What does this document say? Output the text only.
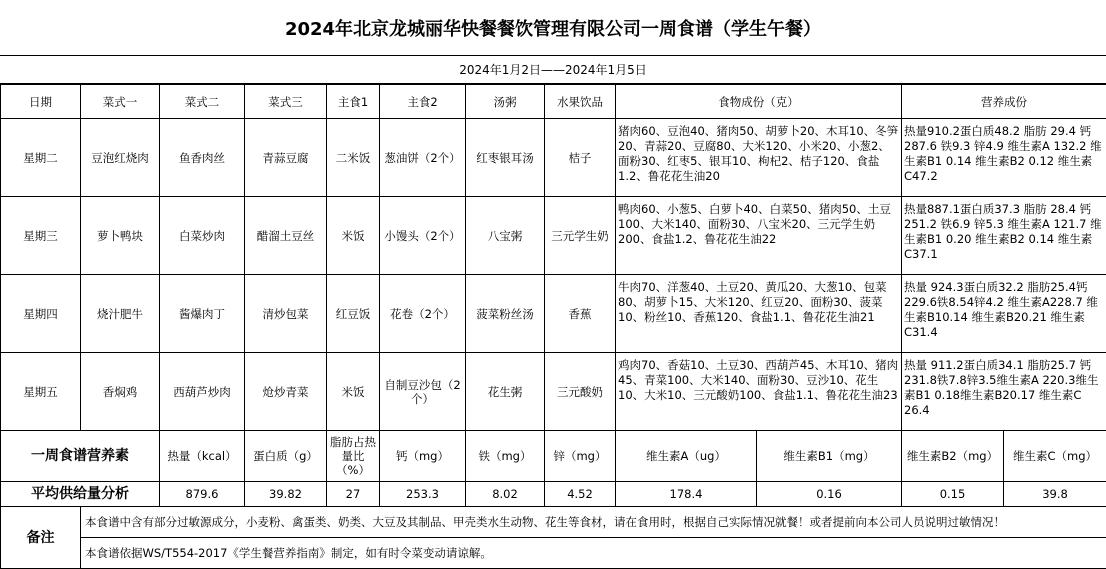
2024年北京龙城丽华快餐餐饮管理有限公司一周食谱（学生午餐）
2024年1月2日——2024年1月5日
日期	菜式一	菜式二	菜式三	主食1	主食2	汤粥	水果饮品	食物成份（克）	营养成份
星期二	豆泡红烧肉	鱼香肉丝	青蒜豆腐	二米饭	葱油饼（2个）	红枣银耳汤	桔子	猪肉60、豆泡40、猪肉50、胡萝卜20、木耳10、冬笋20、青蒜20、豆腐80、大米120、小米20、小葱2、面粉30、红枣5、银耳10、枸杞2、桔子120、食盐1.2、鲁花花生油20	热量910.2蛋白质48.2 脂肪 29.4 钙287.6 铁9.3 锌4.9 维生素A 132.2 维生素B1 0.14 维生素B2 0.12 维生素C47.2
星期三	萝卜鸭块	白菜炒肉	醋溜土豆丝	米饭	小馒头（2个）	八宝粥	三元学生奶	鸭肉60、小葱5、白萝卜40、白菜50、猪肉50、土豆100、大米140、面粉30、八宝米20、三元学生奶200、食盐1.2、鲁花花生油22	热量887.1蛋白质37.3 脂肪 28.4 钙251.2 铁6.9 锌5.3 维生素A 121.7 维生素B1 0.20 维生素B2 0.14 维生素C37.1
星期四	烧汁肥牛	酱爆肉丁	清炒包菜	红豆饭	花卷（2个）	菠菜粉丝汤	香蕉	牛肉70、洋葱40、土豆20、黄瓜20、大葱10、包菜80、胡萝卜15、大米120、红豆20、面粉30、菠菜10、粉丝10、香蕉120、食盐1.1、鲁花花生油21	热量 924.3蛋白质32.2 脂肪25.4钙229.6铁8.54锌4.2 维生素A228.7 维生素B10.14 维生素B20.21 维生素C31.4
星期五	香焖鸡	西葫芦炒肉	炝炒青菜	米饭	自制豆沙包（2个）	花生粥	三元酸奶	鸡肉70、香菇10、土豆30、西葫芦45、木耳10、猪肉45、青菜100、大米140、面粉30、豆沙10、花生10、大米10、三元酸奶100、食盐1.1、鲁花花生油23	热量 911.2蛋白质34.1 脂肪25.7 钙231.8铁7.8锌3.5维生素A 220.3维生素B1 0.18维生素B20.17 维生素C 26.4
一周食谱营养素	热量（kcal）	蛋白质（g）	脂肪占热量比（%）	钙（mg）	铁（mg）	锌（mg）	维生素A（ug）	维生素B1（mg）	维生素B2（mg）	维生素C（mg）
平均供给量分析	879.6	39.82	27	253.3	8.02	4.52	178.4	0.16	0.15	39.8
备注	本食谱中含有部分过敏源成分，小麦粉、禽蛋类、奶类、大豆及其制品、甲壳类水生动物、花生等食材，请在食用时，根据自己实际情况就餐！或者提前向本公司人员说明过敏情况！
本食谱依据WS/T554-2017《学生餐营养指南》制定，如有时令菜变动请谅解。
